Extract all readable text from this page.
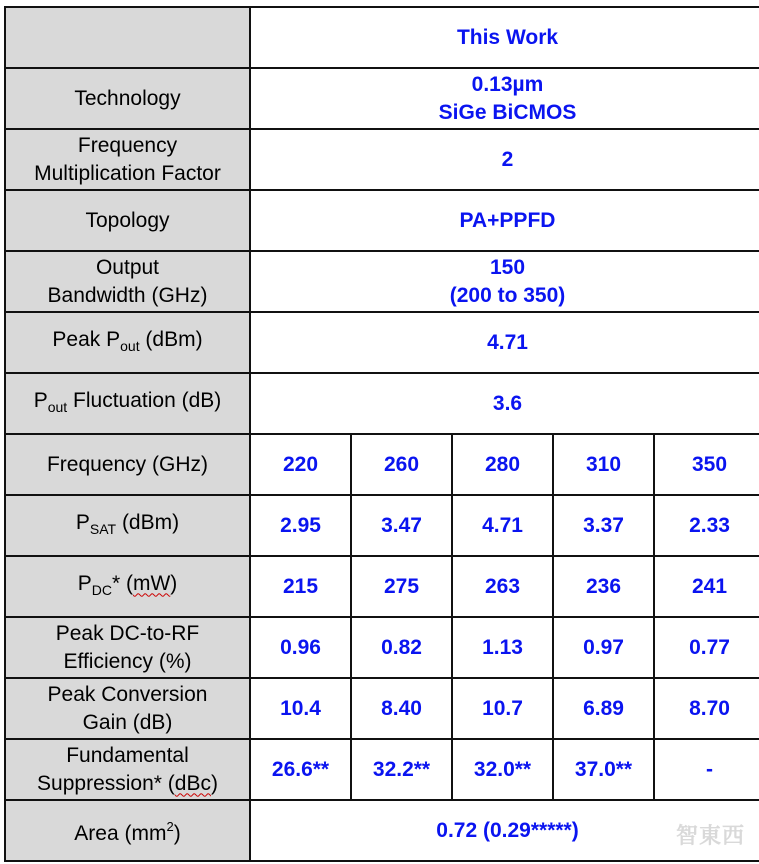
	This Work				
Technology	0.13µm
SiGe BiCMOS				

Frequency
Multiplication Factor	2				
Topology	PA+PPFD				

Output
Bandwidth (GHz)	150
(200 to 350)				

Peak $P_{out}$ (dBm)	4.71				
$P_{out}$ Fluctuation (dB)	3.6				
Frequency (GHz)	220	260	280	310	350
$P_{SAT}$ (dBm)	2.95	3.47	4.71	3.37	2.33
$P_{DC}*$ (mW)	215	275	263	236	241

Peak DC-to-RF
Efficiency (%)	0.96	0.82	1.13	0.97	0.77

Peak Conversion
Gain (dB)	10.4	8.40	10.7	6.89	8.70

Fundamental
Suppression* (dBc)	26.6**	32.2**	32.0**	37.0**	-
Area $(mm^2)$	0.72 (0.29*****)					智東西
